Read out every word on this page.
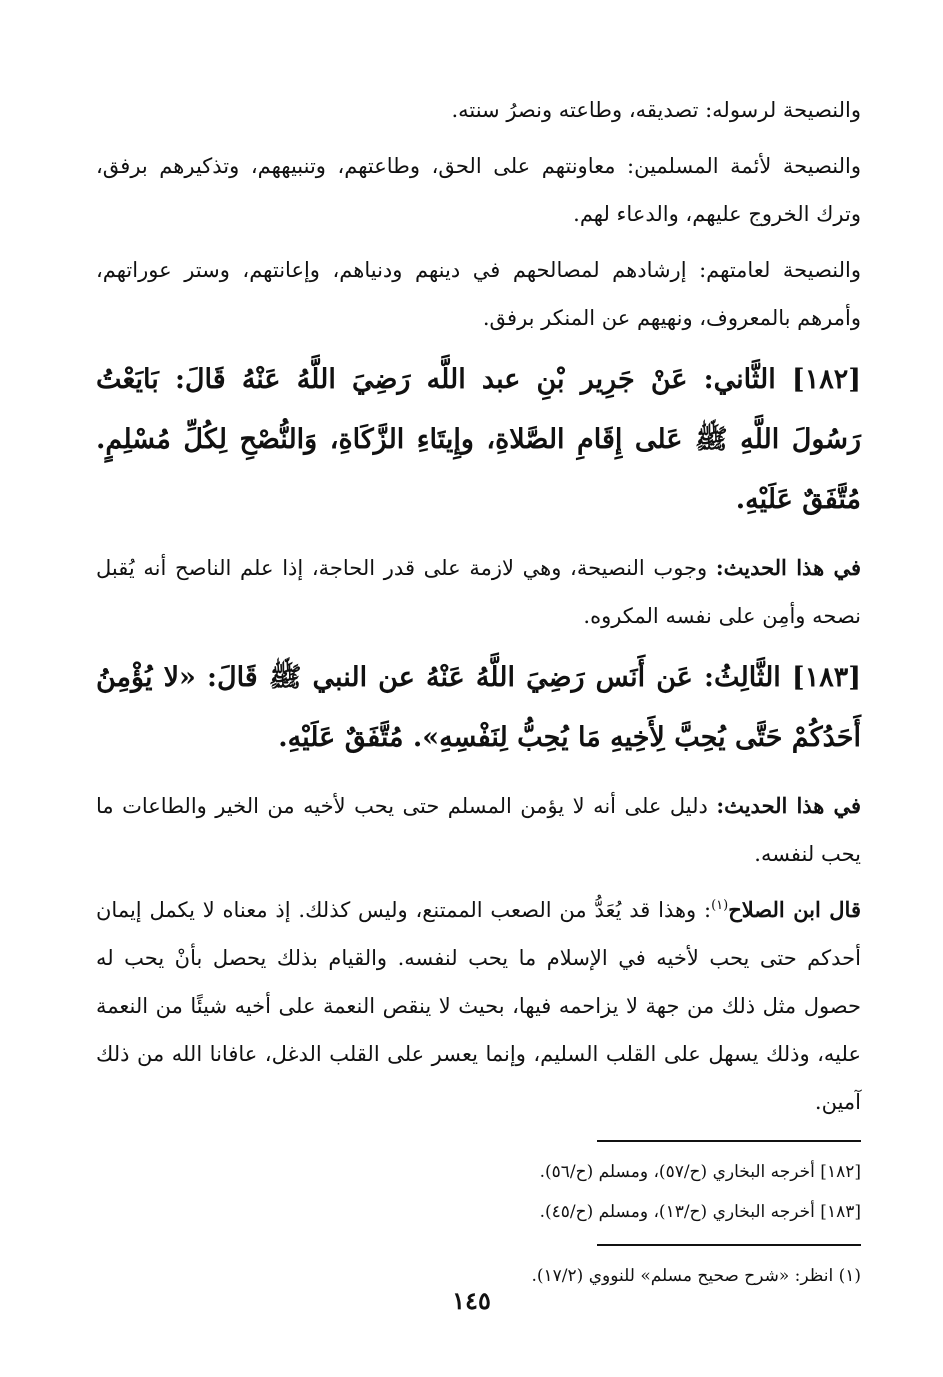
والنصيحة لرسوله: تصديقه، وطاعته ونصرُ سنته.

والنصيحة لأئمة المسلمين: معاونتهم على الحق، وطاعتهم، وتنبيههم، وتذكيرهم برفق، وترك الخروج عليهم، والدعاء لهم.

والنصيحة لعامتهم: إرشادهم لمصالحهم في دينهم ودنياهم، وإعانتهم، وستر عوراتهم، وأمرهم بالمعروف، ونهيهم عن المنكر برفق.

[١٨٢] الثَّاني: عَنْ جَرِير بْنِ عبد اللَّه رَضِيَ اللَّهُ عَنْهُ قَالَ: بَايَعْتُ رَسُولَ اللَّهِ ﷺ عَلى إِقَامِ الصَّلاةِ، وإِيتَاءِ الزَّكَاةِ، وَالنُّصْحِ لِكُلِّ مُسْلِمٍ. مُتَّفَقٌ عَلَيْهِ.

في هذا الحديث: وجوب النصيحة، وهي لازمة على قدر الحاجة، إذا علم الناصح أنه يُقبل نصحه وأمِن على نفسه المكروه.

[١٨٣] الثَّالِثُ: عَن أَنَس رَضِيَ اللَّهُ عَنْهُ عن النبي ﷺ قَالَ: «لا يُؤْمِنُ أَحَدُكُمْ حَتَّى يُحِبَّ لِأَخِيهِ مَا يُحِبُّ لِنَفْسِهِ». مُتَّفَقٌ عَلَيْهِ.

في هذا الحديث: دليل على أنه لا يؤمن المسلم حتى يحب لأخيه من الخير والطاعات ما يحب لنفسه.

قال ابن الصلاح$^{(١)}$: وهذا قد يُعَدُّ من الصعب الممتنع، وليس كذلك. إذ معناه لا يكمل إيمان أحدكم حتى يحب لأخيه في الإسلام ما يحب لنفسه. والقيام بذلك يحصل بأنْ يحب له حصول مثل ذلك من جهة لا يزاحمه فيها، بحيث لا ينقص النعمة على أخيه شيئًا من النعمة عليه، وذلك يسهل على القلب السليم، وإنما يعسر على القلب الدغل، عافانا الله من ذلك آمين.

[١٨٢] أخرجه البخاري (ح/٥٧)، ومسلم (ح/٥٦).

[١٨٣] أخرجه البخاري (ح/١٣)، ومسلم (ح/٤٥).

(١) انظر: «شرح صحيح مسلم» للنووي (١٧/٢).

١٤٥
